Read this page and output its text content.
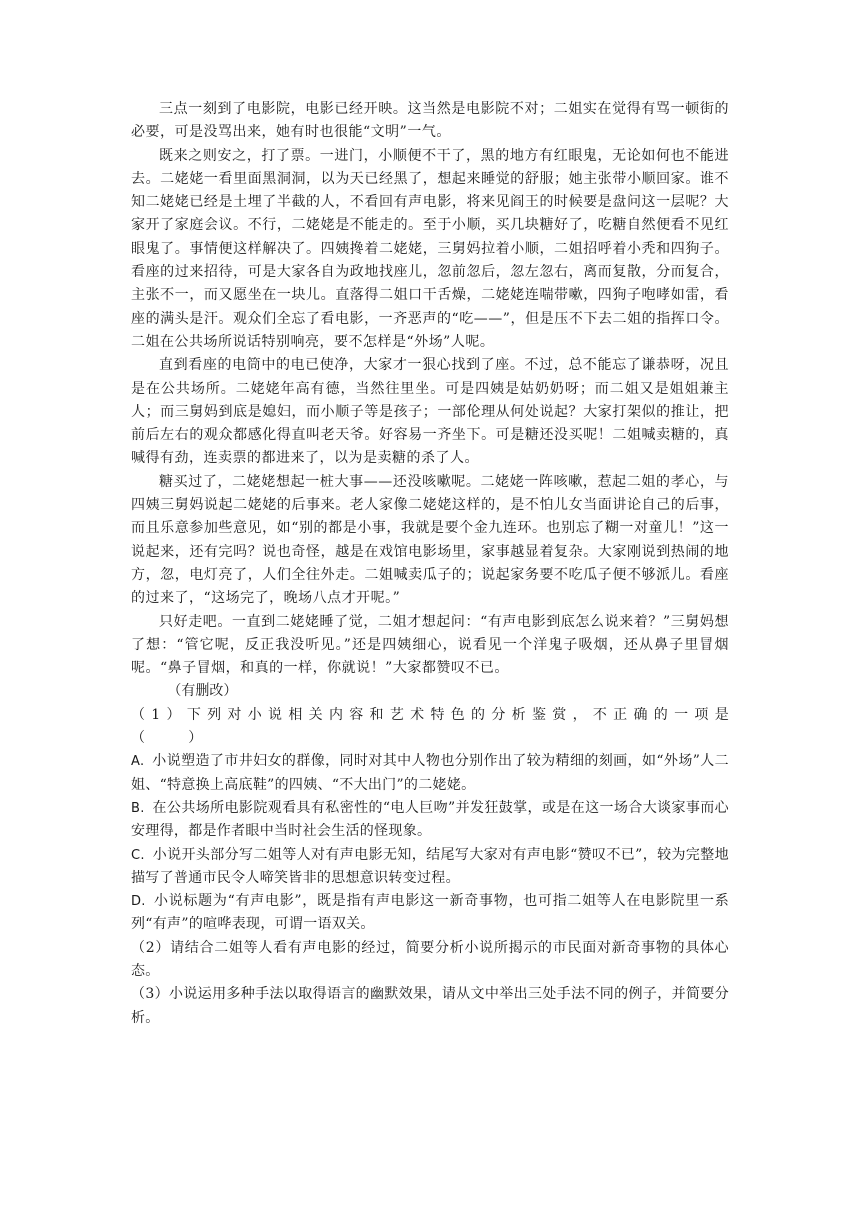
三点一刻到了电影院，电影已经开映。这当然是电影院不对；二姐实在觉得有骂一顿街的必要，可是没骂出来，她有时也很能“文明”一气。

既来之则安之，打了票。一进门，小顺便不干了，黑的地方有红眼鬼，无论如何也不能进去。二姥姥一看里面黑洞洞，以为天已经黑了，想起来睡觉的舒服；她主张带小顺回家。谁不知二姥姥已经是土埋了半截的人，不看回有声电影，将来见阎王的时候要是盘问这一层呢？大家开了家庭会议。不行，二姥姥是不能走的。至于小顺，买几块糖好了，吃糖自然便看不见红眼鬼了。事情便这样解决了。四姨搀着二姥姥，三舅妈拉着小顺，二姐招呼着小秃和四狗子。看座的过来招待，可是大家各自为政地找座儿，忽前忽后，忽左忽右，离而复散，分而复合，主张不一，而又愿坐在一块儿。直落得二姐口干舌燥，二姥姥连喘带嗽，四狗子咆哮如雷，看座的满头是汗。观众们全忘了看电影，一齐恶声的“吃——”，但是压不下去二姐的指挥口令。二姐在公共场所说话特别响亮，要不怎样是“外场”人呢。

直到看座的电筒中的电已使净，大家才一狠心找到了座。不过，总不能忘了谦恭呀，况且是在公共场所。二姥姥年高有德，当然往里坐。可是四姨是姑奶奶呀；而二姐又是姐姐兼主人；而三舅妈到底是媳妇，而小顺子等是孩子；一部伦理从何处说起？大家打架似的推让，把前后左右的观众都感化得直叫老天爷。好容易一齐坐下。可是糖还没买呢！二姐喊卖糖的，真喊得有劲，连卖票的都进来了，以为是卖糖的杀了人。

糖买过了，二姥姥想起一桩大事——还没咳嗽呢。二姥姥一阵咳嗽，惹起二姐的孝心，与四姨三舅妈说起二姥姥的后事来。老人家像二姥姥这样的，是不怕儿女当面讲论自己的后事，而且乐意参加些意见，如“别的都是小事，我就是要个金九连环。也别忘了糊一对童儿！”这一说起来，还有完吗？说也奇怪，越是在戏馆电影场里，家事越显着复杂。大家刚说到热闹的地方，忽，电灯亮了，人们全往外走。二姐喊卖瓜子的；说起家务要不吃瓜子便不够派儿。看座的过来了，“这场完了，晚场八点才开呢。”

只好走吧。一直到二姥姥睡了觉，二姐才想起问：“有声电影到底怎么说来着？”三舅妈想了想：“管它呢，反正我没听见。”还是四姨细心，说看见一个洋鬼子吸烟，还从鼻子里冒烟呢。“鼻子冒烟，和真的一样，你就说！”大家都赞叹不已。

（有删改）

（1）下列对小说相关内容和艺术特色的分析鉴赏，不正确的一项是

（　　　）

A. 小说塑造了市井妇女的群像，同时对其中人物也分别作出了较为精细的刻画，如“外场”人二姐、“特意换上高底鞋”的四姨、“不大出门”的二姥姥。

B. 在公共场所电影院观看具有私密性的“电人巨吻”并发狂鼓掌，或是在这一场合大谈家事而心安理得，都是作者眼中当时社会生活的怪现象。

C. 小说开头部分写二姐等人对有声电影无知，结尾写大家对有声电影“赞叹不已”，较为完整地描写了普通市民令人啼笑皆非的思想意识转变过程。

D. 小说标题为“有声电影”，既是指有声电影这一新奇事物，也可指二姐等人在电影院里一系列“有声”的喧哗表现，可谓一语双关。

（2）请结合二姐等人看有声电影的经过，简要分析小说所揭示的市民面对新奇事物的具体心态。

（3）小说运用多种手法以取得语言的幽默效果，请从文中举出三处手法不同的例子，并简要分析。
